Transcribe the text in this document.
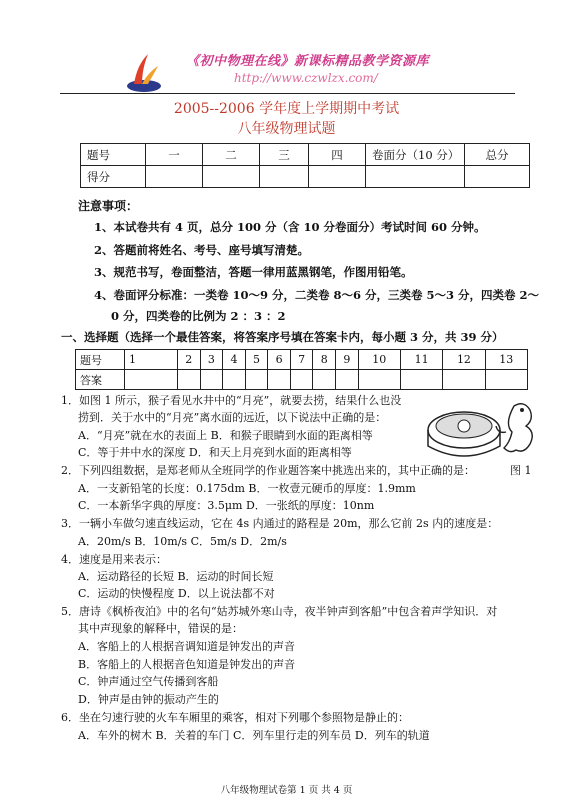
《初中物理在线》新课标精品教学资源库
http://www.czwlzx.com/
2005--2006 学年度上学期期中考试
八年级物理试题
题号	一	二	三	四	卷面分（10 分）	总分
得分						
注意事项：
1、本试卷共有 4 页，总分 100 分（含 10 分卷面分）考试时间 60 分钟。
2、答题前将姓名、考号、座号填写清楚。
3、规范书写，卷面整洁，答题一律用蓝黑钢笔，作图用铅笔。
4、卷面评分标准：一类卷 10～9 分，二类卷 8～6 分，三类卷 5～3 分，四类卷 2～
0 分，四类卷的比例为 2 ：3 ：2
一、选择题（选择一个最佳答案，将答案序号填在答案卡内，每小题 3 分，共 39 分）
题号	1	2	3	4	5	6	7	8	9	10	11	12	13
答案													
图 1
1．如图 1 所示，猴子看见水井中的“月亮”，就要去捞，结果什么也没
捞到．关于水中的“月亮”离水面的远近，以下说法中正确的是：
A．“月亮”就在水的表面上 B．和猴子眼睛到水面的距离相等
C．等于井中水的深度 D．和天上月亮到水面的距离相等
2．下列四组数据，是郑老师从全班同学的作业题答案中挑选出来的，其中正确的是：
A．一支新铅笔的长度：0.175dm B．一枚壹元硬币的厚度：1.9mm
C．一本新华字典的厚度：3.5μm D．一张纸的厚度：10nm
3．一辆小车做匀速直线运动，它在 4s 内通过的路程是 20m，那么它前 2s 内的速度是：
A．20m/s B．10m/s C．5m/s D．2m/s
4．速度是用来表示：
A．运动路径的长短 B．运动的时间长短
C．运动的快慢程度 D．以上说法都不对
5．唐诗《枫桥夜泊》中的名句“姑苏城外寒山寺，夜半钟声到客船”中包含着声学知识．对
其中声现象的解释中，错误的是：
A．客船上的人根据音调知道是钟发出的声音
B．客船上的人根据音色知道是钟发出的声音
C．钟声通过空气传播到客船
D．钟声是由钟的振动产生的
6．坐在匀速行驶的火车车厢里的乘客，相对下列哪个参照物是静止的：
A．车外的树木 B．关着的车门 C．列车里行走的列车员 D．列车的轨道
八年级物理试卷第 1 页 共 4 页
